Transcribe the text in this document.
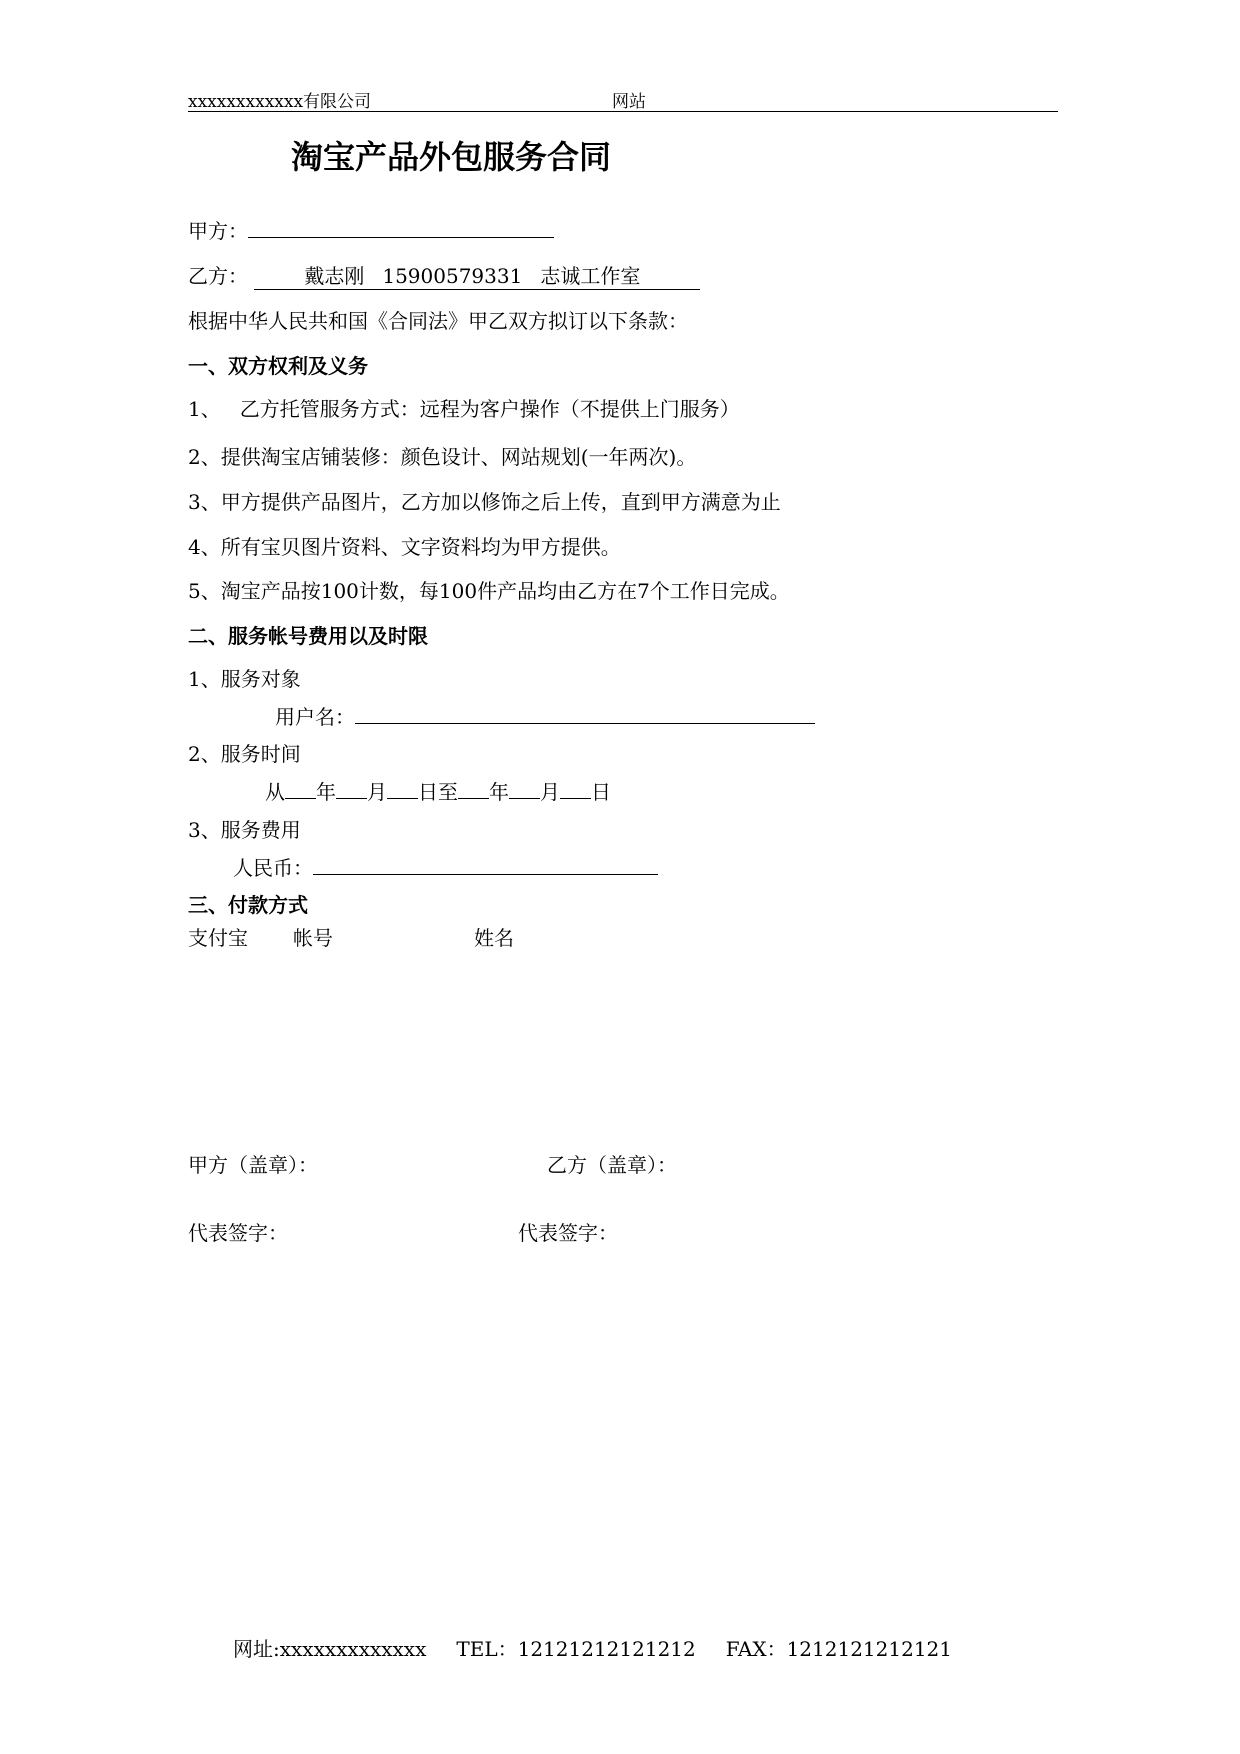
xxxxxxxxxxxx有限公司	网站
淘宝产品外包服务合同
甲方：
乙方：	戴志刚 15900579331 志诚工作室
根据中华人民共和国《合同法》甲乙双方拟订以下条款：
一、双方权利及义务
1、   乙方托管服务方式：远程为客户操作（不提供上门服务）
2、提供淘宝店铺装修：颜色设计、网站规划(一年两次)。
3、甲方提供产品图片，乙方加以修饰之后上传，直到甲方满意为止
4、所有宝贝图片资料、文字资料均为甲方提供。
5、淘宝产品按100计数，每100件产品均由乙方在7个工作日完成。
二、服务帐号费用以及时限
1、服务对象
用户名：
2、服务时间
从 年 月 日至 年 月 日
3、服务费用
人民币：
三、付款方式
支付宝 帐号	姓名
甲方（盖章）：	乙方（盖章）：
代表签字：	代表签字：
网址:xxxxxxxxxxxxx TEL：12121212121212 FAX：1212121212121
